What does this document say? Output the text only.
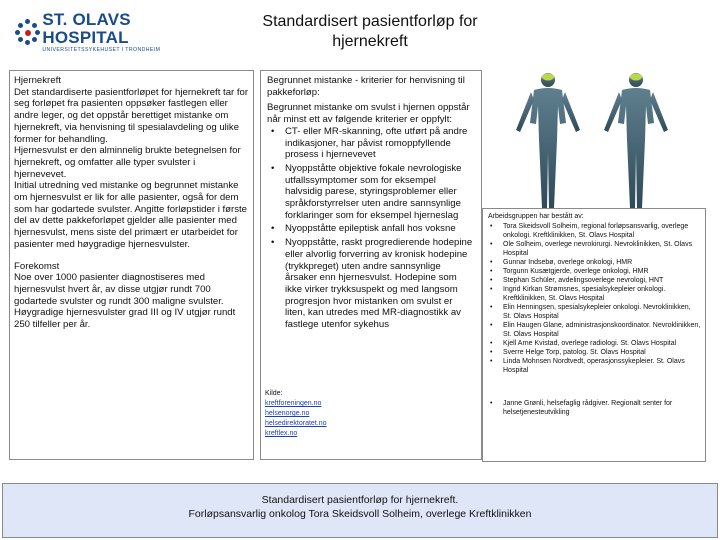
ST. OLAVS HOSPITAL
UNIVERSITETSSYKEHUSET I TRONDHEIM
Standardisert pasientforløp for
hjernekreft

Hjernekreft
Det standardiserte pasientforløpet for hjernekreft tar for seg forløpet fra pasienten oppsøker fastlegen eller andre leger, og det oppstår berettiget mistanke om hjernekreft, via henvisning til spesialavdeling og ulike former for behandling.
Hjernesvulst er den alminnelig brukte betegnelsen for hjernekreft, og omfatter alle typer svulster i hjernevevet.
Initial utredning ved mistanke og begrunnet mistanke om hjernesvulst er lik for alle pasienter, også for dem som har godartede svulster. Angitte forløpstider i første del av dette pakkeforløpet gjelder alle pasienter med hjernesvulst, mens siste del primært er utarbeidet for pasienter med høygradige hjernesvulster.

Forekomst
Noe over 1000 pasienter diagnostiseres med hjernesvulst hvert år, av disse utgjør rundt 700 godartede svulster og rundt 300 maligne svulster. Høygradige hjernesvulster grad III og IV utgjør rundt 250 tilfeller per år.

Begrunnet mistanke - kriterier for henvisning til pakkeforløp:

Begrunnet mistanke om svulst i hjernen oppstår når minst ett av følgende kriterier er oppfylt:

• CT- eller MR-skanning, ofte utført på andre indikasjoner, har påvist romoppfyllende prosess i hjernevevet
• Nyoppståtte objektive fokale nevrologiske utfallssymptomer som for eksempel halvsidig parese, styringsproblemer eller språkforstyrrelser uten andre sannsynlige forklaringer som for eksempel hjerneslag
• Nyoppståtte epileptisk anfall hos voksne
• Nyoppståtte, raskt progredierende hodepine eller alvorlig forverring av kronisk hodepine (trykkpreget) uten andre sannsynlige årsaker enn hjernesvulst. Hodepine som ikke virker trykksuspekt og med langsom progresjon hvor mistanken om svulst er liten, kan utredes med MR-diagnostikk av fastlege utenfor sykehus
Kilde:
kreftforeningen.no
helsenorge.no
helsedirektoratet.no
kreftlex.no
Arbeidsgruppen har bestått av:
• Tora Skeidsvoll Solheim, regional forløpsansvarlig, overlege onkologi. Kreftklinikken, St. Olavs Hospital
• Ole Solheim, overlege nevrokirurgi. Nevroklinikken, St. Olavs Hospital
• Gunnar Indsebø, overlege onkologi, HMR
• Torgunn Kusætgjerde, overlege onkologi, HMR
• Stephan Schüler, avdelingsoverlege nevrologi, HNT
• Ingrid Kirkan Strømsnes, spesialsykepleier onkologi. Kreftklinikken, St. Olavs Hospital
• Elin Henningsen, spesialsykepleier onkologi. Nevroklinikken, St. Olavs Hospital
• Elin Haugen Glane, administrasjonskoordinator. Nevroklinikken, St. Olavs Hospital
• Kjell Arne Kvistad, overlege radiologi. St. Olavs Hospital
• Sverre Helge Torp, patolog. St. Olavs Hospital
• Linda Mohnsen Nordtvedt, operasjonssykepleier. St. Olavs Hospital
• Janne Grønli, helsefaglig rådgiver. Regionalt senter for helsetjenesteutvikling
Standardisert pasientforløp for hjernekreft.
Forløpsansvarlig onkolog Tora Skeidsvoll Solheim, overlege Kreftklinikken
